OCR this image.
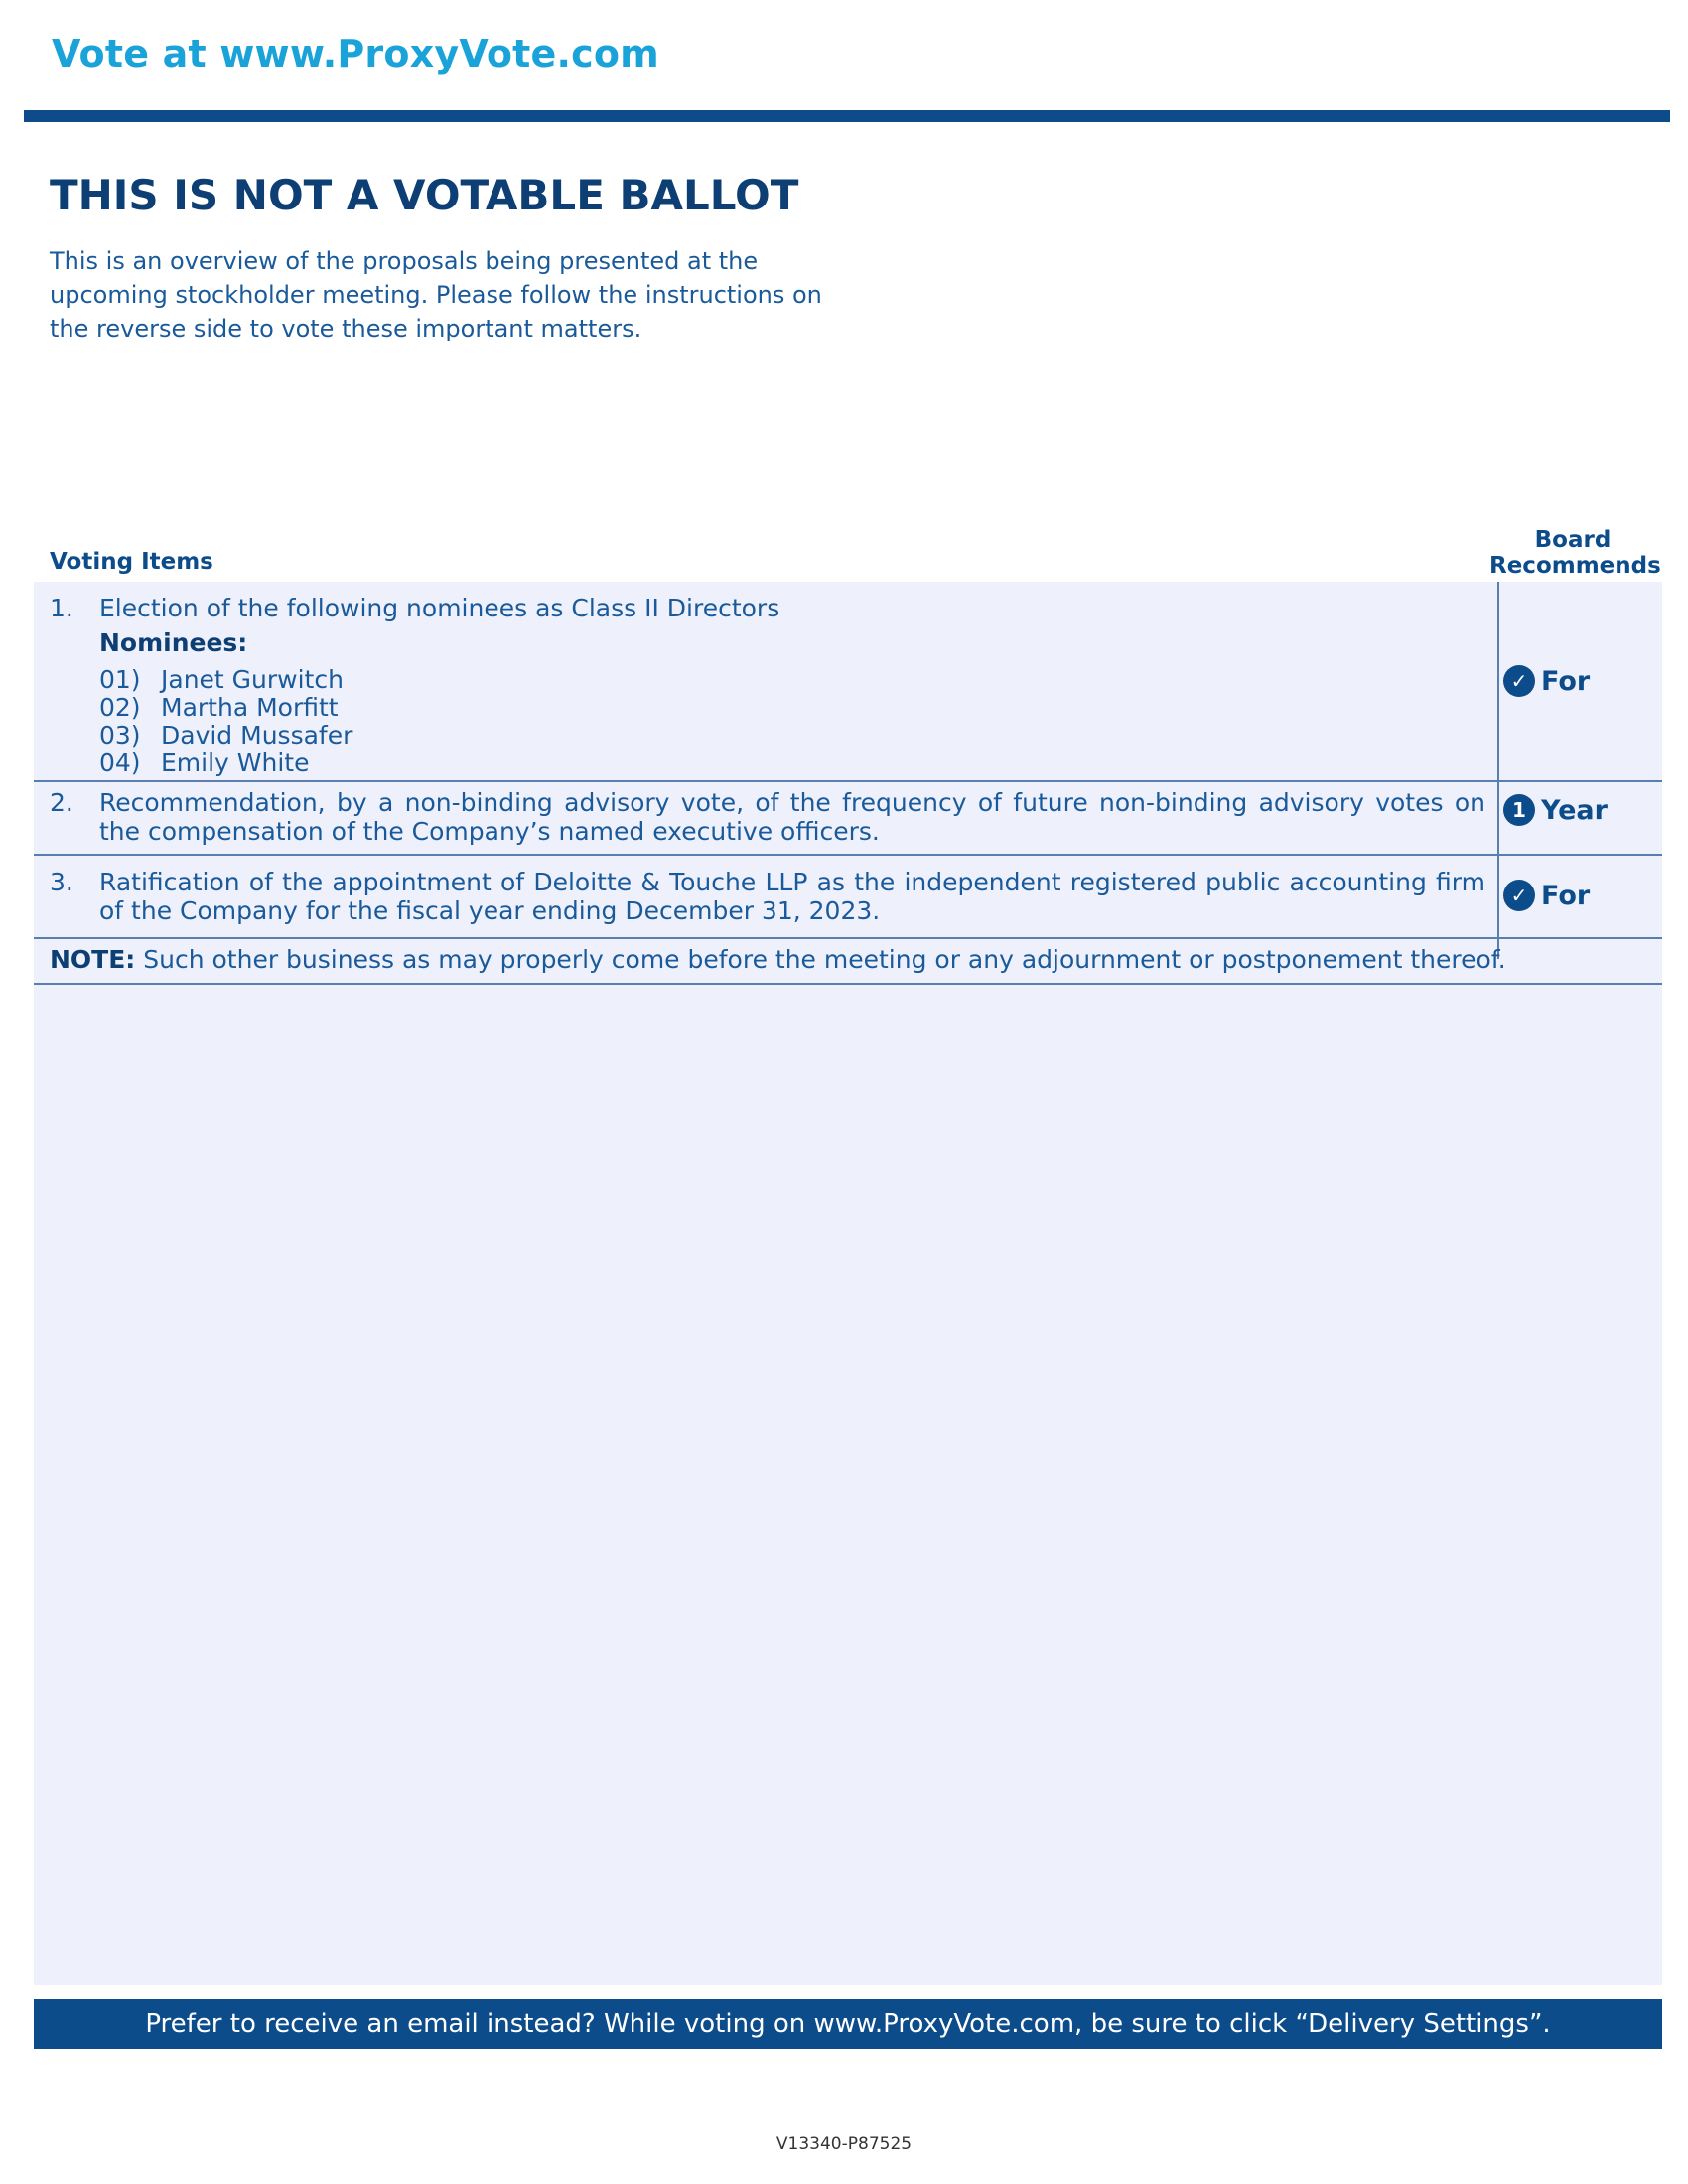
Vote at www.ProxyVote.com
THIS IS NOT A VOTABLE BALLOT
This is an overview of the proposals being presented at the upcoming stockholder meeting. Please follow the instructions on the reverse side to vote these important matters.
Voting Items
Board Recommends
1. Election of the following nominees as Class II Directors
Nominees:
01) Janet Gurwitch
02) Martha Morfitt
03) David Mussafer
04) Emily White
✓ For
2. Recommendation, by a non-binding advisory vote, of the frequency of future non-binding advisory votes on the compensation of the Company’s named executive officers.
1 Year
3. Ratification of the appointment of Deloitte & Touche LLP as the independent registered public accounting firm of the Company for the fiscal year ending December 31, 2023.
✓ For
NOTE: Such other business as may properly come before the meeting or any adjournment or postponement thereof.
Prefer to receive an email instead? While voting on www.ProxyVote.com, be sure to click “Delivery Settings”.
V13340-P87525
